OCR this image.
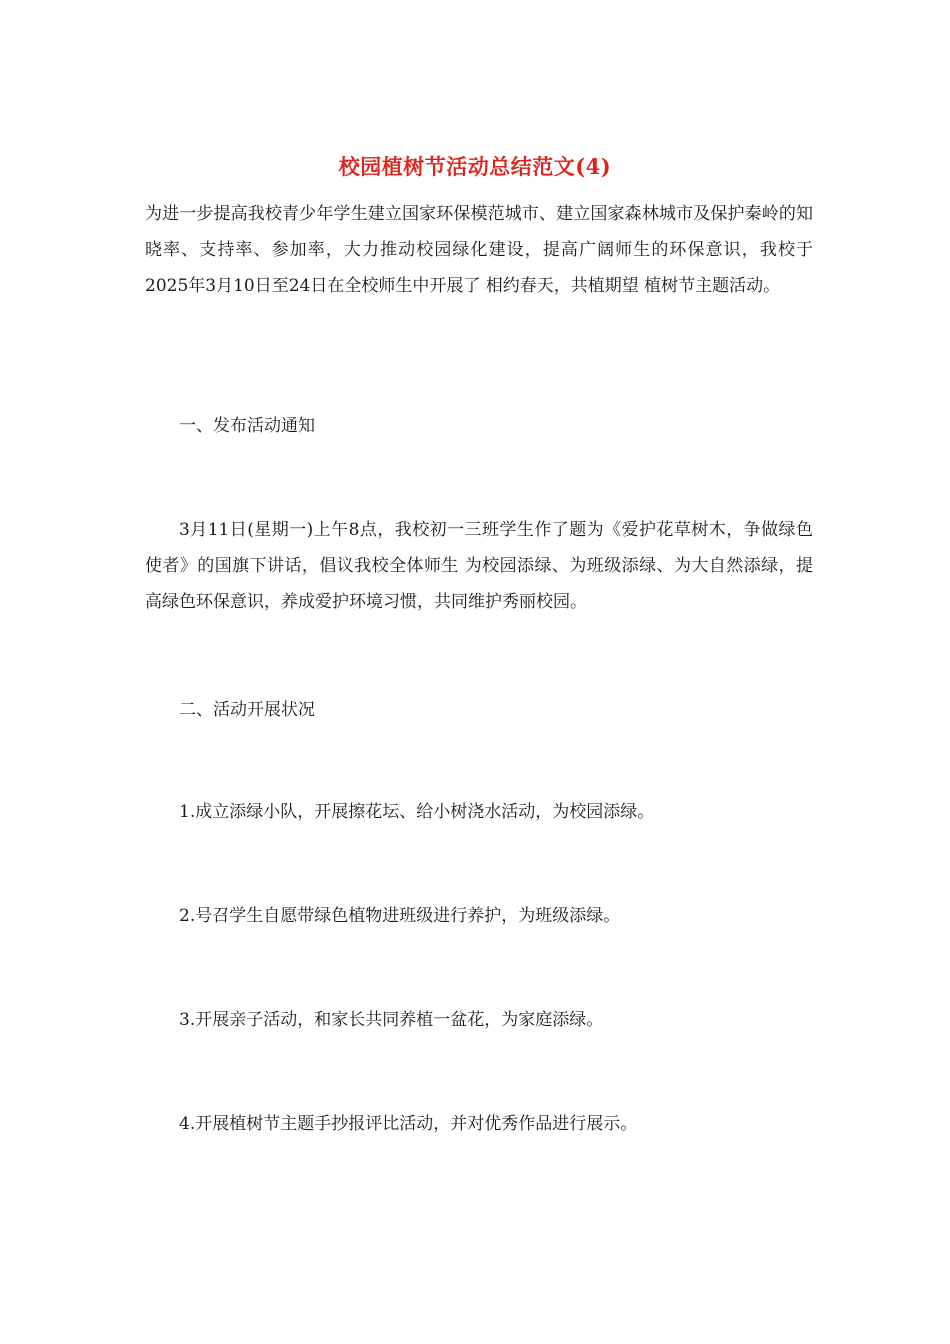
校园植树节活动总结范文(4)

为进一步提高我校青少年学生建立国家环保模范城市、建立国家森林城市及保护秦岭的知晓率、支持率、参加率，大力推动校园绿化建设，提高广阔师生的环保意识，我校于2025年3月10日至24日在全校师生中开展了 相约春天，共植期望 植树节主题活动。

一、发布活动通知

3月11日(星期一)上午8点，我校初一三班学生作了题为《爱护花草树木，争做绿色使者》的国旗下讲话，倡议我校全体师生 为校园添绿、为班级添绿、为大自然添绿，提高绿色环保意识，养成爱护环境习惯，共同维护秀丽校园。

二、活动开展状况

1.成立添绿小队，开展擦花坛、给小树浇水活动，为校园添绿。

2.号召学生自愿带绿色植物进班级进行养护，为班级添绿。

3.开展亲子活动，和家长共同养植一盆花，为家庭添绿。

4.开展植树节主题手抄报评比活动，并对优秀作品进行展示。
